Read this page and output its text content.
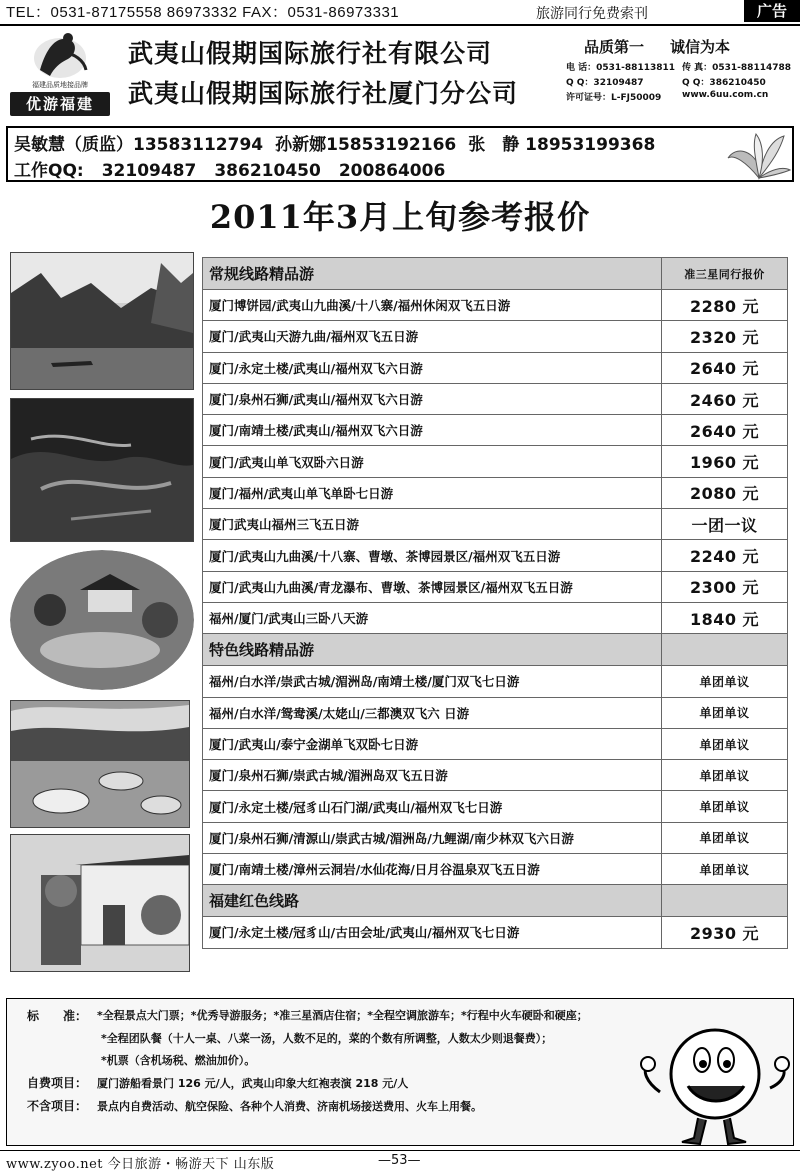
TEL：0531-87175558 86973332 FAX：0531-86973331	旅游同行免费索刊	广告
福建品质地接品牌
优游福建
武夷山假期国际旅行社有限公司
武夷山假期国际旅行社厦门分公司
品质第一 诚信为本
电 话：0531-88113811 传 真：0531-88114788
Q Q：32109487	Q Q：386210450
许可证号：L-FJ50009 www.6uu.com.cn
吴敏慧（质监）13583112794 孙新娜15853192166 张　静 18953199368
工作QQ: 32109487 386210450 200864006
2011年3月上旬参考报价
常规线路精品游	准三星同行报价
厦门博饼园/武夷山九曲溪/十八寨/福州休闲双飞五日游	2280 元
厦门/武夷山天游九曲/福州双飞五日游	2320 元
厦门/永定土楼/武夷山/福州双飞六日游	2640 元
厦门/泉州石狮/武夷山/福州双飞六日游	2460 元
厦门/南靖土楼/武夷山/福州双飞六日游	2640 元
厦门/武夷山单飞双卧六日游	1960 元
厦门/福州/武夷山单飞单卧七日游	2080 元
厦门武夷山福州三飞五日游	一团一议
厦门/武夷山九曲溪/十八寨、曹墩、茶博园景区/福州双飞五日游	2240 元
厦门/武夷山九曲溪/青龙瀑布、曹墩、茶博园景区/福州双飞五日游	2300 元
福州/厦门/武夷山三卧八天游	1840 元
特色线路精品游	
福州/白水洋/崇武古城/湄洲岛/南靖土楼/厦门双飞七日游	单团单议
福州/白水洋/鸳鸯溪/太姥山/三都澳双飞六 日游	单团单议
厦门/武夷山/泰宁金湖单飞双卧七日游	单团单议
厦门/泉州石狮/崇武古城/湄洲岛双飞五日游	单团单议
厦门/永定土楼/冠豸山石门湖/武夷山/福州双飞七日游	单团单议
厦门/泉州石狮/清源山/崇武古城/湄洲岛/九鲤湖/南少林双飞六日游	单团单议
厦门/南靖土楼/漳州云洞岩/水仙花海/日月谷温泉双飞五日游	单团单议
福建红色线路	
厦门/永定土楼/冠豸山/古田会址/武夷山/福州双飞七日游	2930 元
标　　准： *全程景点大门票；*优秀导游服务；*准三星酒店住宿；*全程空调旅游车；*行程中火车硬卧和硬座；
*全程团队餐（十人一桌、八菜一汤，人数不足的，菜的个数有所调整，人数太少则退餐费）；
*机票（含机场税、燃油加价）。
自费项目： 厦门游船看景门 126 元/人，武夷山印象大红袍表演 218 元/人
不含项目： 景点内自费活动、航空保险、各种个人消费、济南机场接送费用、火车上用餐。
www.zyoo.net 今日旅游・畅游天下 山东版	—53—
